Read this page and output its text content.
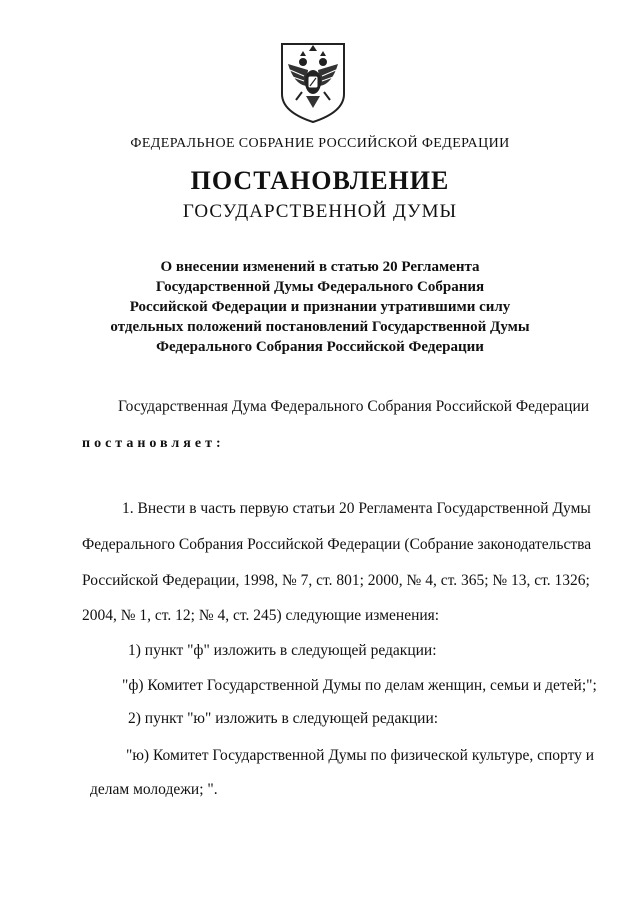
ФЕДЕРАЛЬНОЕ СОБРАНИЕ РОССИЙСКОЙ ФЕДЕРАЦИИ
ПОСТАНОВЛЕНИЕ
ГОСУДАРСТВЕННОЙ ДУМЫ
О внесении изменений в статью 20 Регламента
Государственной Думы Федерального Собрания
Российской Федерации и признании утратившими силу
отдельных положений постановлений Государственной Думы
Федерального Собрания Российской Федерации
Государственная Дума Федерального Собрания Российской Федерации
постановляет:
1. Внести в часть первую статьи 20 Регламента Государственной Думы
Федерального Собрания Российской Федерации (Собрание законодательства
Российской Федерации, 1998, № 7, ст. 801; 2000, № 4, ст. 365; № 13, ст. 1326;
2004, № 1, ст. 12; № 4, ст. 245) следующие изменения:
1) пункт "ф" изложить в следующей редакции:
"ф) Комитет Государственной Думы по делам женщин, семьи и детей;";
2) пункт "ю" изложить в следующей редакции:
"ю) Комитет Государственной Думы по физической культуре, спорту и
делам молодежи; ".
